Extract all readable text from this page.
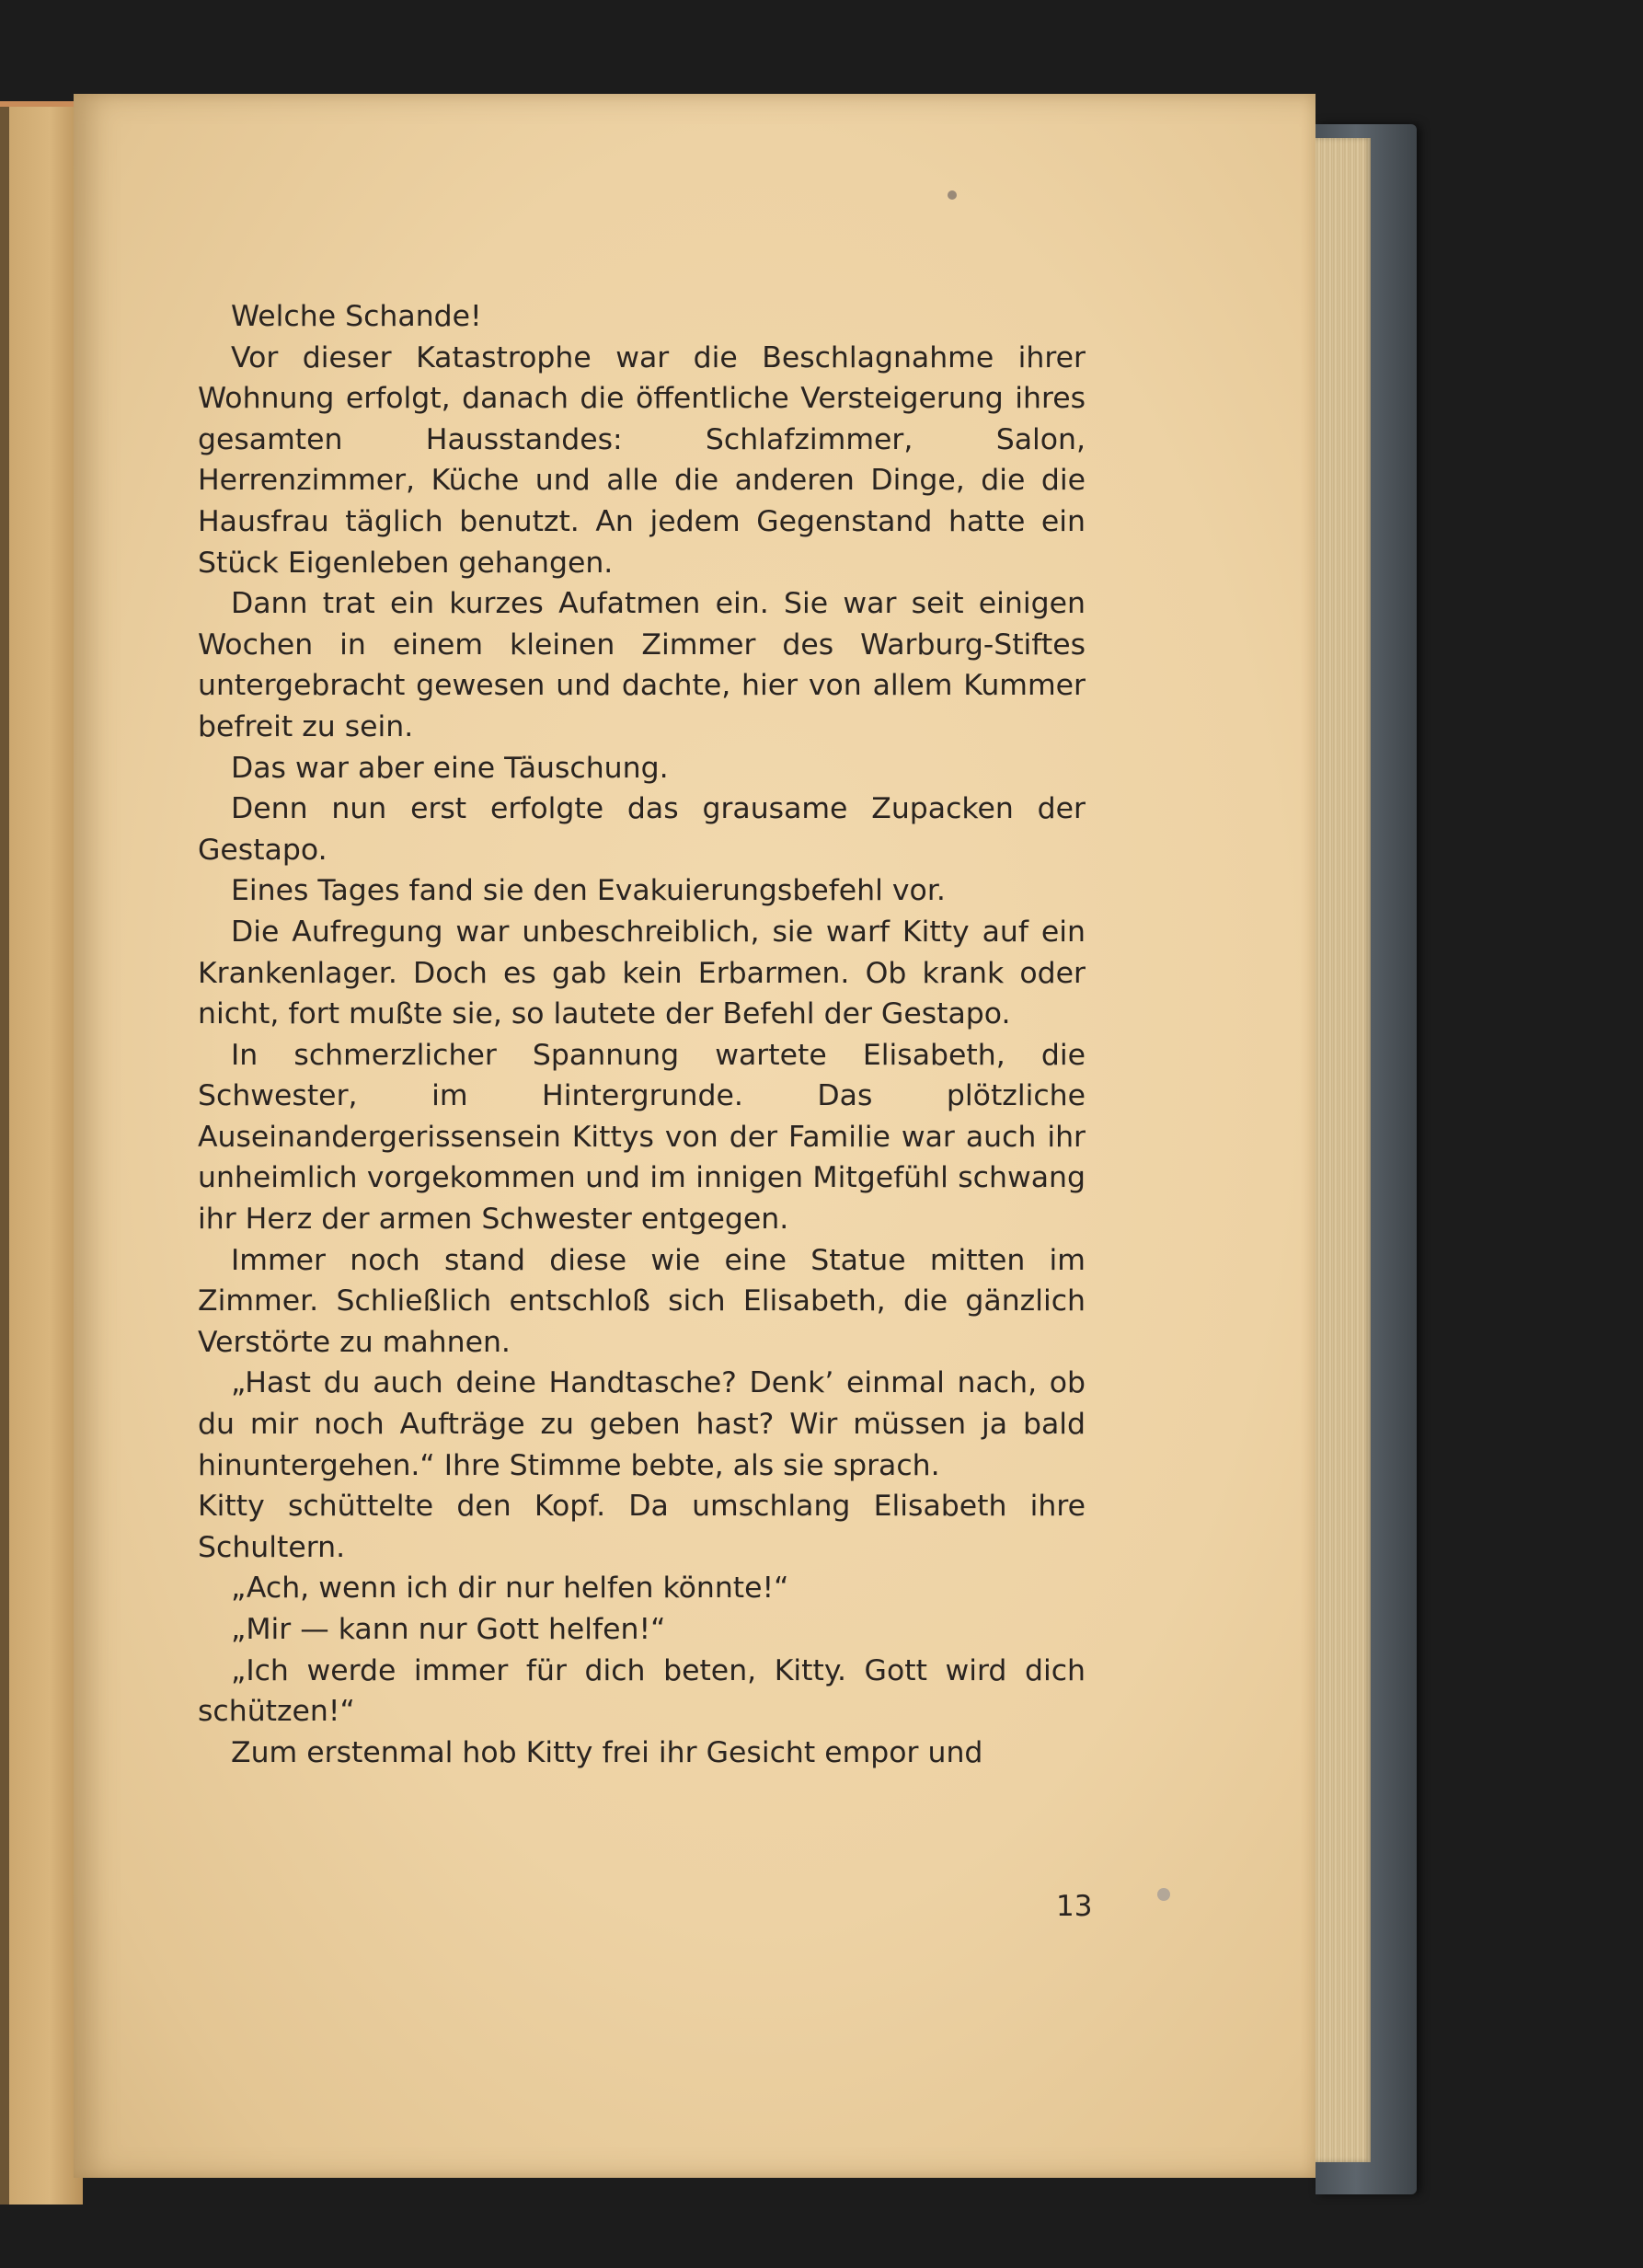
Welche Schande!

Vor dieser Katastrophe war die Beschlagnahme ihrer Wohnung erfolgt, danach die öffentliche Versteigerung ihres gesamten Hausstandes: Schlafzimmer, Salon, Herrenzimmer, Küche und alle die anderen Dinge, die die Hausfrau täglich benutzt. An jedem Gegenstand hatte ein Stück Eigenleben gehangen.

Dann trat ein kurzes Aufatmen ein. Sie war seit einigen Wochen in einem kleinen Zimmer des Warburg-Stiftes untergebracht gewesen und dachte, hier von allem Kummer befreit zu sein.

Das war aber eine Täuschung.

Denn nun erst erfolgte das grausame Zupacken der Gestapo.

Eines Tages fand sie den Evakuierungsbefehl vor.

Die Aufregung war unbeschreiblich, sie warf Kitty auf ein Krankenlager. Doch es gab kein Erbarmen. Ob krank oder nicht, fort mußte sie, so lautete der Befehl der Gestapo.

In schmerzlicher Spannung wartete Elisabeth, die Schwester, im Hintergrunde. Das plötzliche Auseinandergerissensein Kittys von der Familie war auch ihr unheimlich vorgekommen und im innigen Mitgefühl schwang ihr Herz der armen Schwester entgegen.

Immer noch stand diese wie eine Statue mitten im Zimmer. Schließlich entschloß sich Elisabeth, die gänzlich Verstörte zu mahnen.

„Hast du auch deine Handtasche? Denk’ einmal nach, ob du mir noch Aufträge zu geben hast? Wir müssen ja bald hinuntergehen.“ Ihre Stimme bebte, als sie sprach.

Kitty schüttelte den Kopf. Da umschlang Elisabeth ihre Schultern.

„Ach, wenn ich dir nur helfen könnte!“

„Mir — kann nur Gott helfen!“

„Ich werde immer für dich beten, Kitty. Gott wird dich schützen!“

Zum erstenmal hob Kitty frei ihr Gesicht empor und

13
